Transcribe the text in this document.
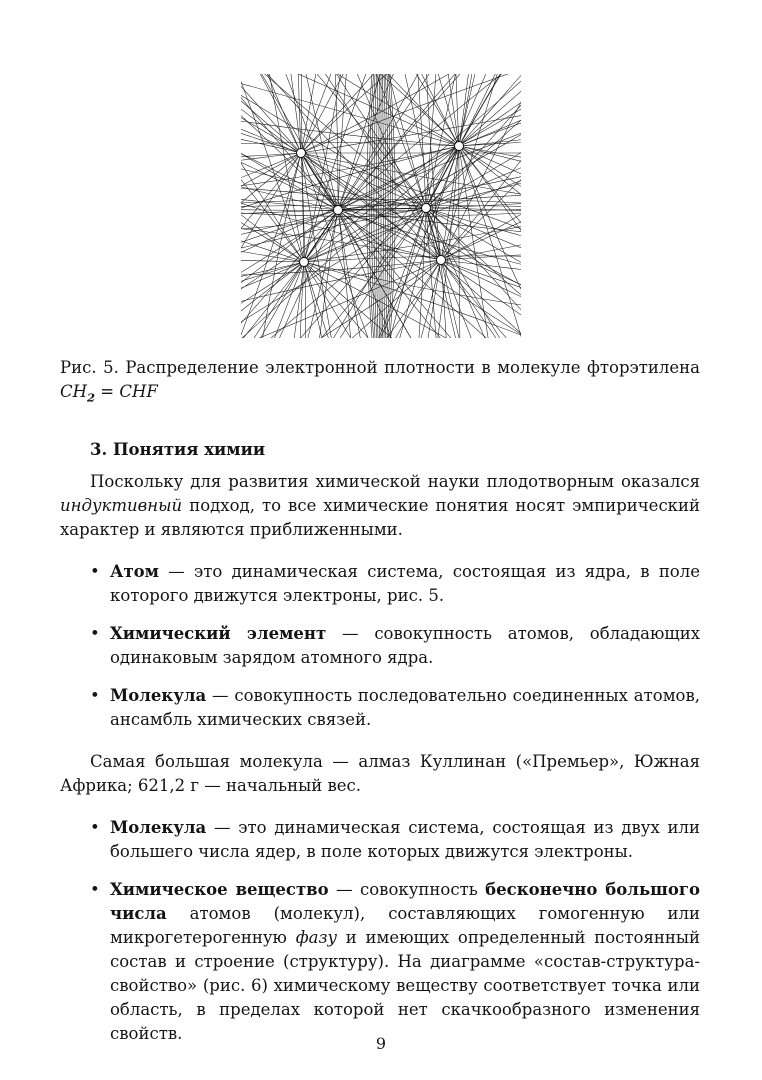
Рис. 5. Распределение электронной плотности в молекуле фторэтилена $CH_2$ = CHF

3. Понятия химии

Поскольку для развития химической науки плодотворным оказался индуктивный подход, то все химические понятия носят эмпирический характер и являются приближенными.

• Атом — это динамическая система, состоящая из ядра, в поле которого движутся электроны, рис. 5.
• Химический элемент — совокупность атомов, обладающих одинаковым зарядом атомного ядра.
• Молекула — совокупность последовательно соединенных атомов, ансамбль химических связей.

Самая большая молекула — алмаз Куллинан («Премьер», Южная Африка; 621,2 г — начальный вес.

• Молекула — это динамическая система, состоящая из двух или большего числа ядер, в поле которых движутся электроны.
• Химическое вещество — совокупность бесконечно большого числа атомов (молекул), составляющих гомогенную или микрогетерогенную фазу и имеющих определенный постоянный состав и строение (структуру). На диаграмме «состав-структура-свойство» (рис. 6) химическому веществу соответствует точка или область, в пределах которой нет скачкообразного изменения свойств.
9
